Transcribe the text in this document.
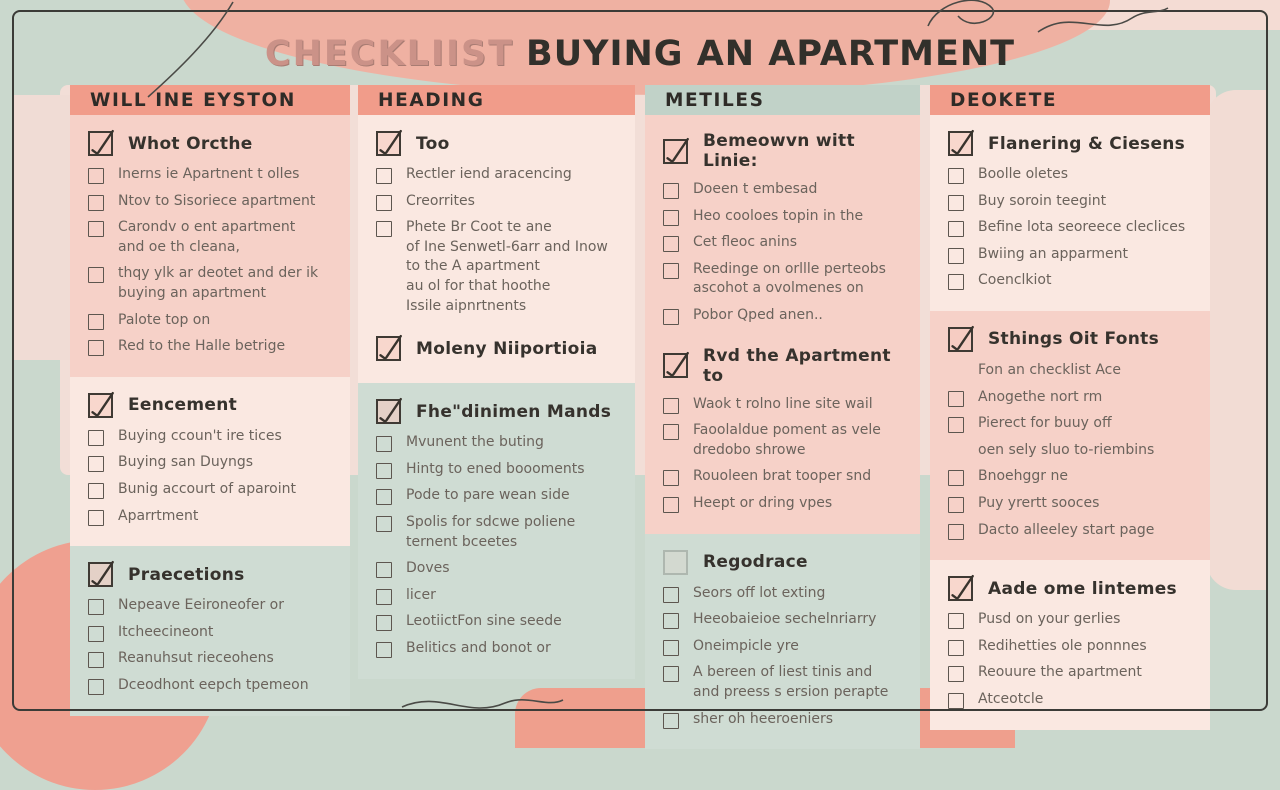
CHECKLIIST BUYING AN APARTMENT
WILL INE EYSTON
Whot Orcthe
Inerns ie Apartnent t olles
Ntov to Sisoriece apartment
Carondv o ent apartment
and oe th cleana,
thqy ylk ar deotet and der ik
buying an apartment
Palote top on
Red to the Halle betrige
Eencement
Buying ccoun't ire tices
Buying san Duyngs
Bunig accourt of aparoint
Aparrtment
Praecetions
Nepeave Eeironeofer or
Itcheecineont
Reanuhsut rieceohens
Dceodhont eepch tpemeon
HEADING
Too
Rectler iend aracencing
Creorrites
Phete Br Coot te ane
of Ine Senwetl-6arr and Inow
to the A apartment
au ol for that hoothe
Issile aipnrtnents
Moleny Niiportioia
Fhe"dinimen Mands
Mvunent the buting
Hintg to ened boooments
Pode to pare wean side
Spolis for sdcwe poliene
ternent bceetes
Doves
licer
LeotiictFon sine seede
Belitics and bonot or
METILES
Bemeowvn witt Linie:
Doeen t embesad
Heo cooloes topin in the
Cet fleoc anins
Reedinge on orllle perteobs
ascohot a ovolmenes on
Pobor Qped anen..
Rvd the Apartment to
Waok t rolno line site wail
Faoolaldue poment as vele
dredobo shrowe
Rouoleen brat tooper snd
Heept or dring vpes
Regodrace
Seors off lot exting
Heeobaieioe sechelnriarry
Oneimpicle yre
A bereen of liest tinis and
and preess s ersion perapte
sher oh heeroeniers
DEOKETE
Flanering & Ciesens
Boolle oletes
Buy soroin teegint
Befine lota seoreece cleclices
Bwiing an apparment
Coenclkiot
Sthings Oit Fonts
Fon an checklist Ace
Anogethe nort rm
Pierect for buuy off
oen sely sluo to-riembins
Bnoehggr ne
Puy yrertt sooces
Dacto alleeley start page
Aade ome lintemes
Pusd on your gerlies
Redihetties ole ponnnes
Reouure the apartment
Atceotcle
